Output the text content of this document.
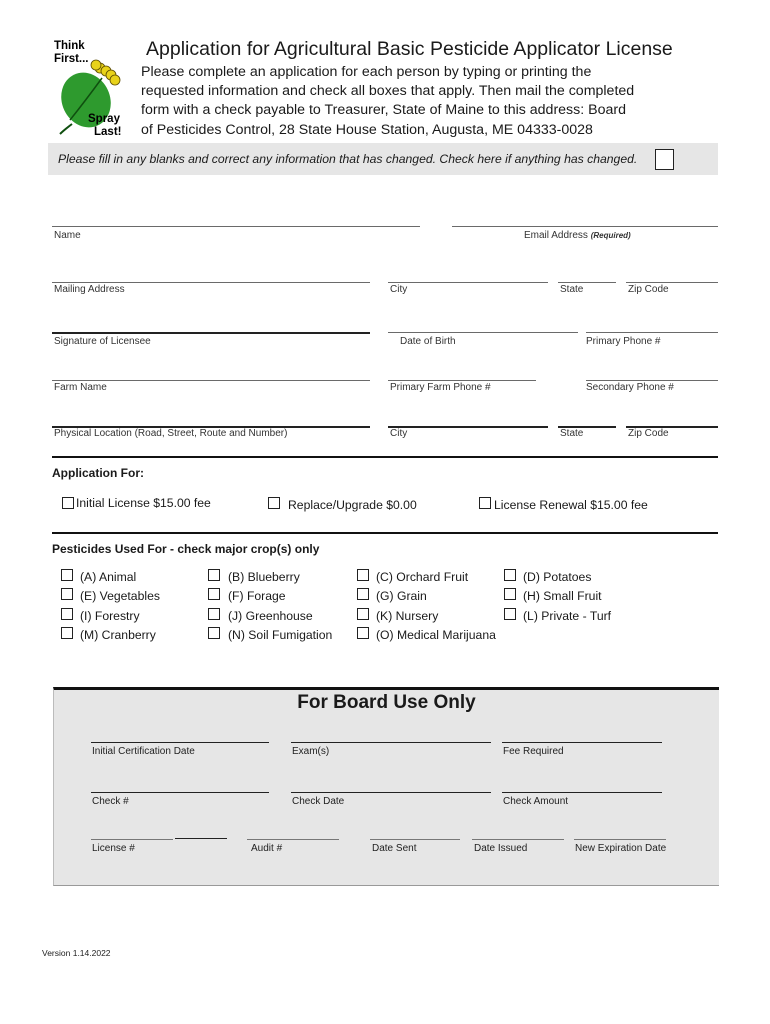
Think
First...
Spray
Last!
Application for Agricultural Basic Pesticide Applicator License
Please complete an application for each person by typing or printing the
requested information and check all boxes that apply. Then mail the completed
form with a check payable to Treasurer, State of Maine to this address: Board
of Pesticides Control, 28 State House Station, Augusta, ME 04333-0028
Please fill in any blanks and correct any information that has changed. Check here if anything has changed.
Name	Email Address (Required)
Mailing Address	City	State	Zip Code
Signature of Licensee	Date of Birth	Primary Phone #
Farm Name	Primary Farm Phone #	Secondary Phone #
Physical Location (Road, Street, Route and Number)	City	State	Zip Code
Application For:
Initial License $15.00 fee	Replace/Upgrade $0.00	License Renewal $15.00 fee
Pesticides Used For - check major crop(s) only
(A) Animal	(B) Blueberry	(C) Orchard Fruit	(D) Potatoes
(E) Vegetables	(F) Forage	(G) Grain	(H) Small Fruit
(I) Forestry	(J) Greenhouse	(K) Nursery	(L) Private - Turf
(M) Cranberry	(N) Soil Fumigation	(O) Medical Marijuana
For Board Use Only
Initial Certification Date	Exam(s)	Fee Required
Check #	Check Date	Check Amount
License #	Audit #	Date Sent	Date Issued	New Expiration Date
Version 1.14.2022
